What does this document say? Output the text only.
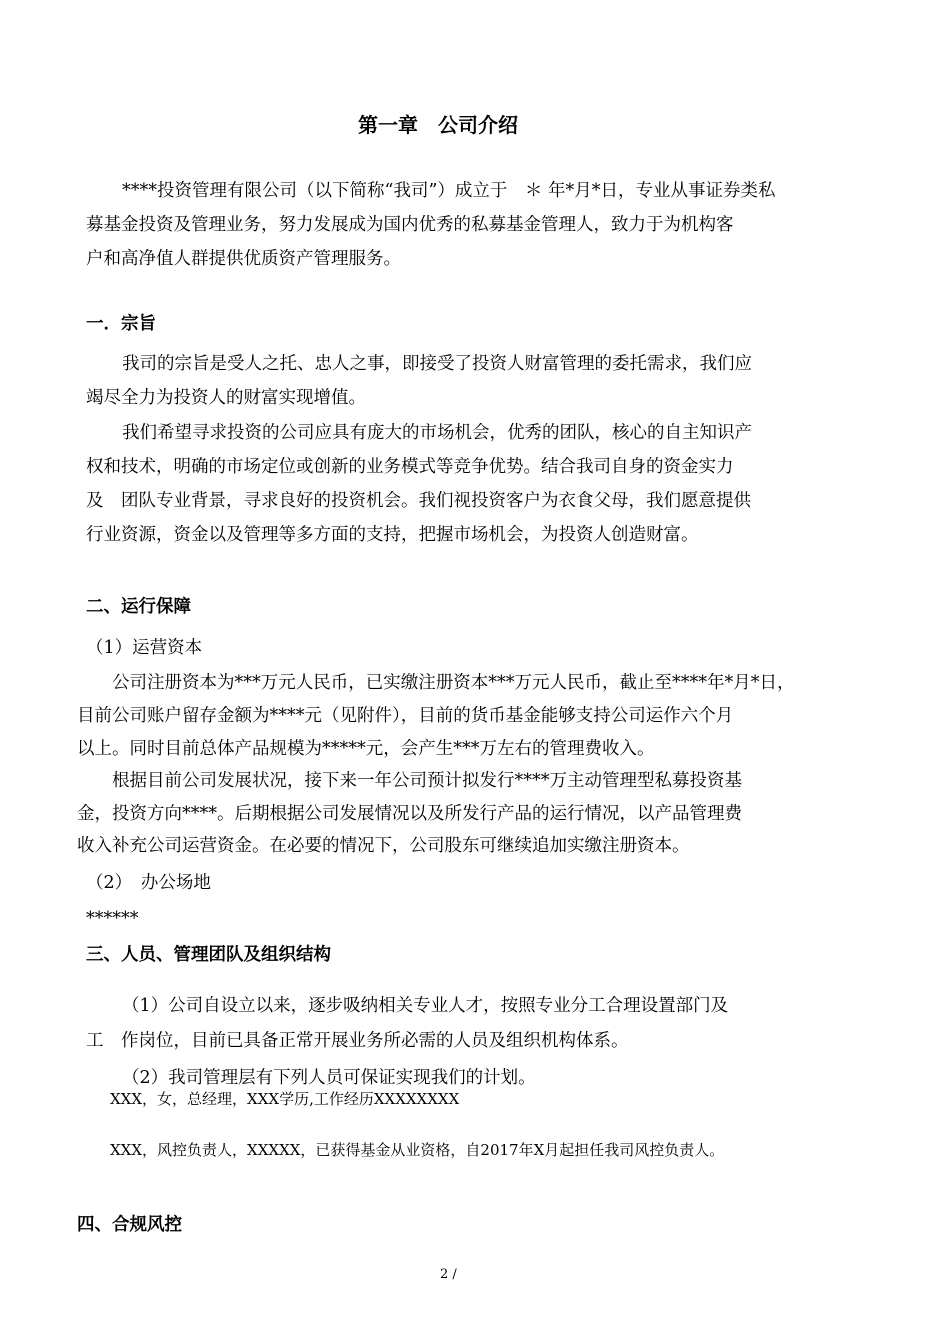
第一章　公司介绍
****投资管理有限公司（以下简称“我司”）成立于　＊ 年*月*日，专业从事证券类私
募基金投资及管理业务，努力发展成为国内优秀的私募基金管理人，致力于为机构客
户和高净值人群提供优质资产管理服务。
一．宗旨
我司的宗旨是受人之托、忠人之事，即接受了投资人财富管理的委托需求，我们应
竭尽全力为投资人的财富实现增值。
我们希望寻求投资的公司应具有庞大的市场机会，优秀的团队，核心的自主知识产
权和技术，明确的市场定位或创新的业务模式等竞争优势。结合我司自身的资金实力
及　团队专业背景，寻求良好的投资机会。我们视投资客户为衣食父母，我们愿意提供
行业资源，资金以及管理等多方面的支持，把握市场机会，为投资人创造财富。
二、运行保障
（1）运营资本
公司注册资本为***万元人民币，已实缴注册资本***万元人民币，截止至****年*月*日，
目前公司账户留存金额为****元（见附件），目前的货币基金能够支持公司运作六个月
以上。同时目前总体产品规模为*****元，会产生***万左右的管理费收入。
根据目前公司发展状况，接下来一年公司预计拟发行****万主动管理型私募投资基
金，投资方向****。后期根据公司发展情况以及所发行产品的运行情况，以产品管理费
收入补充公司运营资金。在必要的情况下，公司股东可继续追加实缴注册资本。
（2）　办公场地
******
三、人员、管理团队及组织结构
（1）公司自设立以来，逐步吸纳相关专业人才，按照专业分工合理设置部门及
工　作岗位，目前已具备正常开展业务所必需的人员及组织机构体系。
（2）我司管理层有下列人员可保证实现我们的计划。
XXX，女，总经理，XXX学历,工作经历XXXXXXXX
XXX，风控负责人，XXXXX，已获得基金从业资格，自2017年X月起担任我司风控负责人。
四、合规风控
2 /
